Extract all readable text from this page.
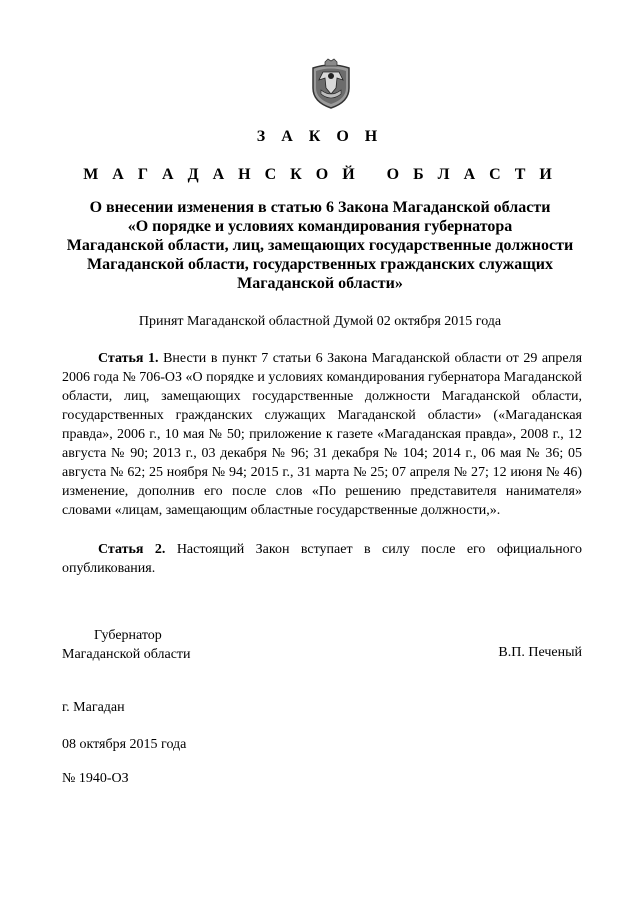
З А К О Н
М А Г А Д А Н С К О Й   О Б Л А С Т И
О внесении изменения в статью 6 Закона Магаданской области
«О порядке и условиях командирования губернатора
Магаданской области, лиц, замещающих государственные должности
Магаданской области, государственных гражданских служащих
Магаданской области»
Принят Магаданской областной Думой 02 октября 2015 года

Статья 1. Внести в пункт 7 статьи 6 Закона Магаданской области от 29 апреля 2006 года № 706-ОЗ «О порядке и условиях командирования губернатора Магаданской области, лиц, замещающих государственные должности Магаданской области, государственных гражданских служащих Магаданской области» («Магаданская правда», 2006 г., 10 мая № 50; приложение к газете «Магаданская правда», 2008 г., 12 августа № 90; 2013 г., 03 декабря № 96; 31 декабря № 104; 2014 г., 06 мая № 36; 05 августа № 62; 25 ноября № 94; 2015 г., 31 марта № 25; 07 апреля № 27; 12 июня № 46) изменение, дополнив его после слов «По решению представителя нанимателя» словами «лицам, замещающим областные государственные должности,».

Статья 2. Настоящий Закон вступает в силу после его официального опубликования.

Губернатор
Магаданской области	В.П. Печеный
г. Магадан
08 октября 2015 года
№ 1940-ОЗ
